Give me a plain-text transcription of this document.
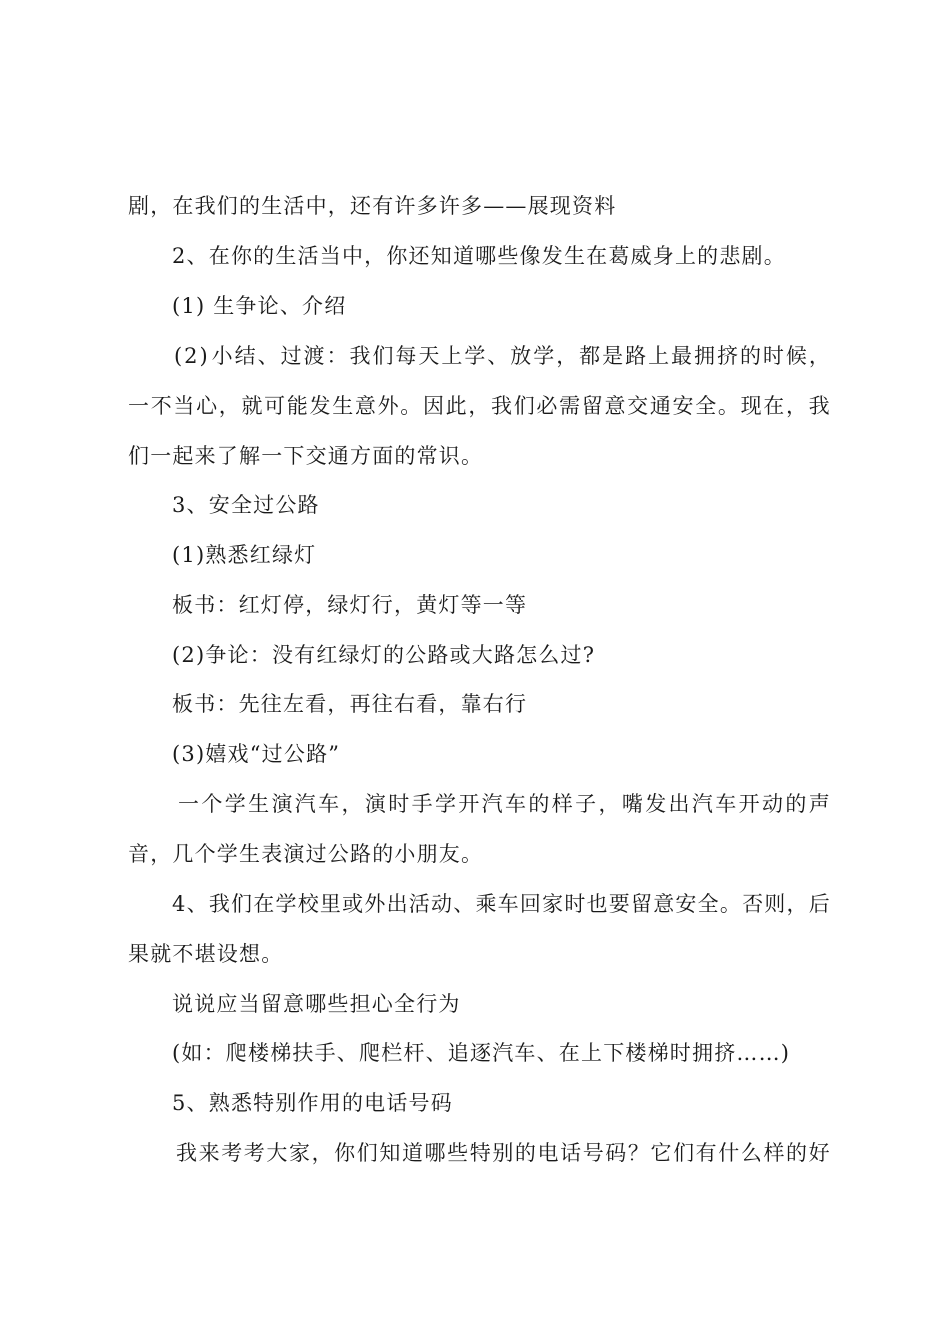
剧，在我们的生活中，还有许多许多——展现资料
2、在你的生活当中，你还知道哪些像发生在葛威身上的悲剧。
(1) 生争论、介绍
( 2 ) 小 结 、 过 渡 ： 我 们 每 天 上 学 、 放 学 ， 都 是 路 上 最 拥 挤 的 时 候 ，
一 不 当 心 ， 就 可 能 发 生 意 外 。 因 此 ， 我 们 必 需 留 意 交 通 安 全 。 现 在 ， 我
们一起来了解一下交通方面的常识。
3、安全过公路
(1)熟悉红绿灯
板书：红灯停，绿灯行，黄灯等一等
(2)争论：没有红绿灯的公路或大路怎么过?
板书：先往左看，再往右看，靠右行
(3)嬉戏“过公路”
一 个 学 生 演 汽 车 ， 演 时 手 学 开 汽 车 的 样 子 ， 嘴 发 出 汽 车 开 动 的 声
音，几个学生表演过公路的小朋友。
4 、 我 们 在 学 校 里 或 外 出 活 动 、 乘 车 回 家 时 也 要 留 意 安 全 。 否 则 ， 后
果就不堪设想。
说说应当留意哪些担心全行为
(如：爬楼梯扶手、爬栏杆、追逐汽车、在上下楼梯时拥挤……)
5、熟悉特别作用的电话号码
我 来 考 考 大 家 ， 你 们 知 道 哪 些 特 别 的 电 话 号 码 ？ 它 们 有 什 么 样 的 好
